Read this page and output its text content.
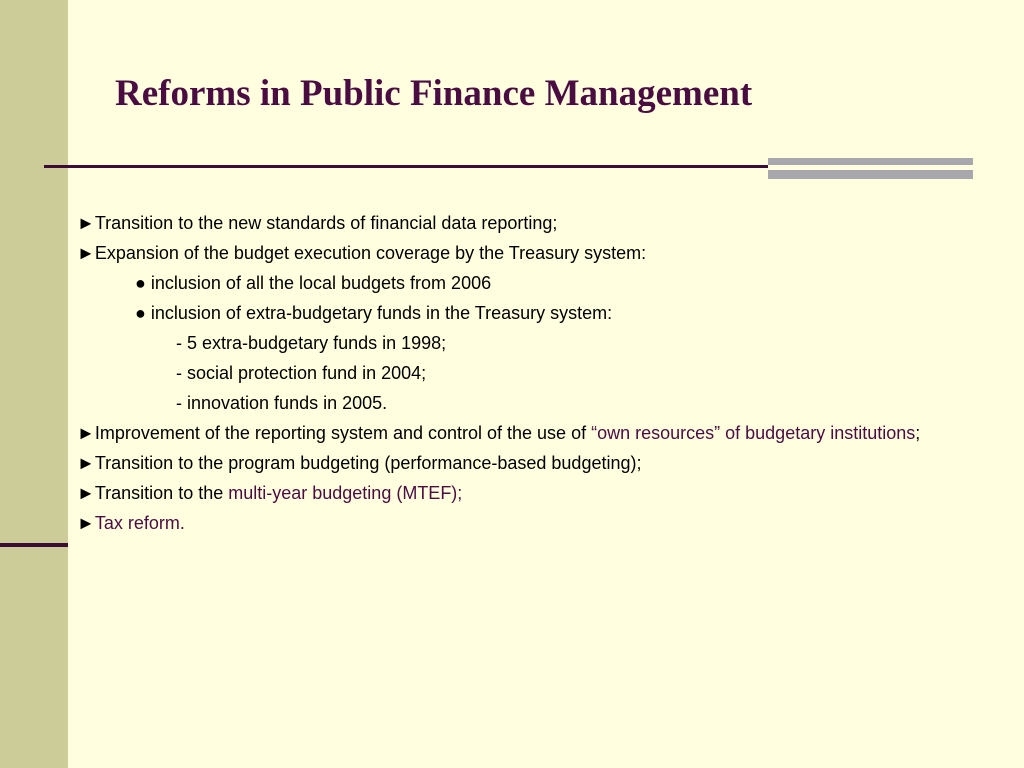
Reforms in Public Finance Management
►Transition to the new standards of financial data reporting;
►Expansion of the budget execution coverage by the Treasury system:
● inclusion of all the local budgets from 2006
● inclusion of extra-budgetary funds in the Treasury system:
- 5 extra-budgetary funds in 1998;
- social protection fund in 2004;
- innovation funds in 2005.
►Improvement of the reporting system and control of the use of “own resources” of budgetary institutions;
►Transition to the program budgeting (performance-based budgeting);
►Transition to the multi-year budgeting (MTEF);
►Tax reform.
